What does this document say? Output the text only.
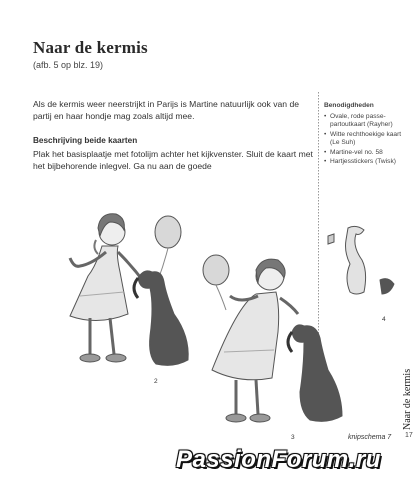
Naar de kermis
(afb. 5 op blz. 19)
Als de kermis weer neerstrijkt in Parijs is Martine natuurlijk ook van de partij en haar hondje mag zoals altijd mee.
Beschrijving beide kaarten
Plak het basisplaatje met fotolijm achter het kijkvenster. Sluit de kaart met het bijbehorende inlegvel. Ga nu aan de goede
Benodigdheden
• Ovale, rode passe-partoutkaart (Rayher)
• Witte rechthoekige kaart (Le Suh)
• Martine-vel no. 58
• Hartjesstickers (Twisk)
2
3
4
knipschema 7
Naar de kermis
17
PassionForum.ru
